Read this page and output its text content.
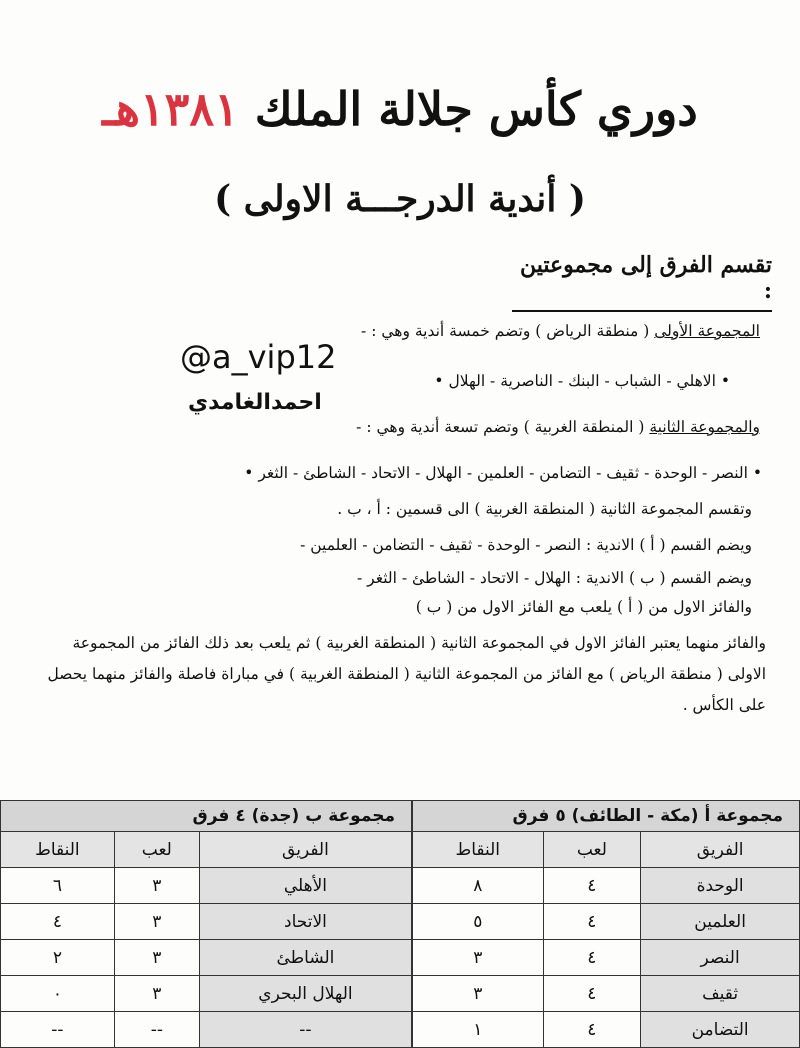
دوري كأس جلالة الملك ١٣٨١هـ
( أندية الدرجـــة الاولى )
تقسم الفرق إلى مجموعتين :
المجموعة الأولى ( منطقة الرياض ) وتضم خمسة أندية وهي : -
• الاهلي - الشباب - البنك - الناصرية - الهلال •
والمجموعة الثانية ( المنطقة الغربية ) وتضم تسعة أندية وهي : -
• النصر - الوحدة - ثقيف - التضامن - العلمين - الهلال - الاتحاد - الشاطئ - الثغر •
وتقسم المجموعة الثانية ( المنطقة الغربية ) الى قسمين : أ ، ب .
ويضم القسم ( أ ) الاندية : النصر - الوحدة - ثقيف - التضامن - العلمين -
ويضم القسم ( ب ) الاندية : الهلال - الاتحاد - الشاطئ - الثغر -
والفائز الاول من ( أ ) يلعب مع الفائز الاول من ( ب )
والفائز منهما يعتبر الفائز الاول في المجموعة الثانية ( المنطقة الغربية ) ثم يلعب بعد ذلك الفائز من المجموعة الاولى ( منطقة الرياض ) مع الفائز من المجموعة الثانية ( المنطقة الغربية ) في مباراة فاصلة والفائز منهما يحصل على الكأس .
@a_vip12
احمدالغامدي
مجموعة أ (مكة - الطائف) ٥ فرق		
الفريق	لعب	النقاط
الوحدة	٤	٨
العلمين	٤	٥
النصر	٤	٣
ثقيف	٤	٣
التضامن	٤	١
مجموعة ب (جدة) ٤ فرق		
الفريق	لعب	النقاط
الأهلي	٣	٦
الاتحاد	٣	٤
الشاطئ	٣	٢
الهلال البحري	٣	٠
--	--	--
